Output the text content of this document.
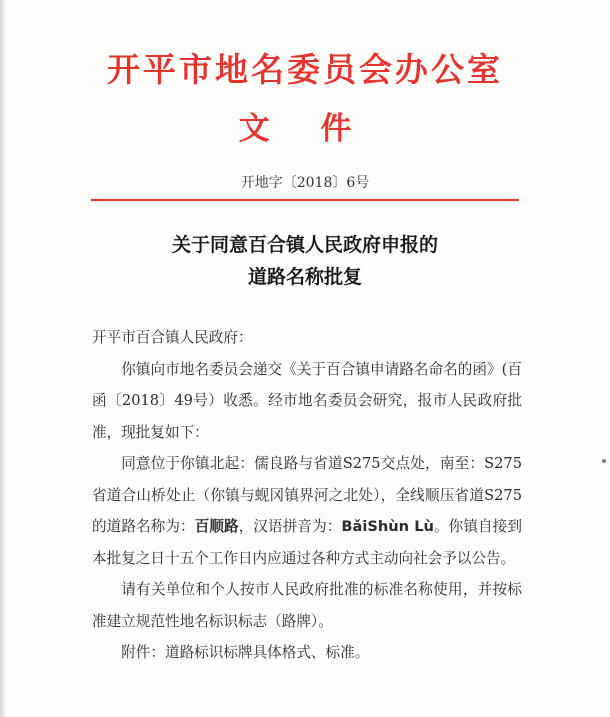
开平市地名委员会办公室
文 件
开地字〔2018〕6号
关于同意百合镇人民政府申报的
道路名称批复

开平市百合镇人民政府：

你镇向市地名委员会递交《关于百合镇申请路名命名的函》(百函〔2018〕49号）收悉。经市地名委员会研究，报市人民政府批准，现批复如下：

同意位于你镇北起：儒良路与省道S275交点处，南至：S275省道合山桥处止（你镇与蚬冈镇界河之北处），全线顺压省道S275的道路名称为：百顺路，汉语拼音为：BǎiShùn Lù。你镇自接到本批复之日十五个工作日内应通过各种方式主动向社会予以公告。

请有关单位和个人按市人民政府批准的标准名称使用，并按标准建立规范性地名标识标志（路牌）。

附件：道路标识标牌具体格式、标准。
